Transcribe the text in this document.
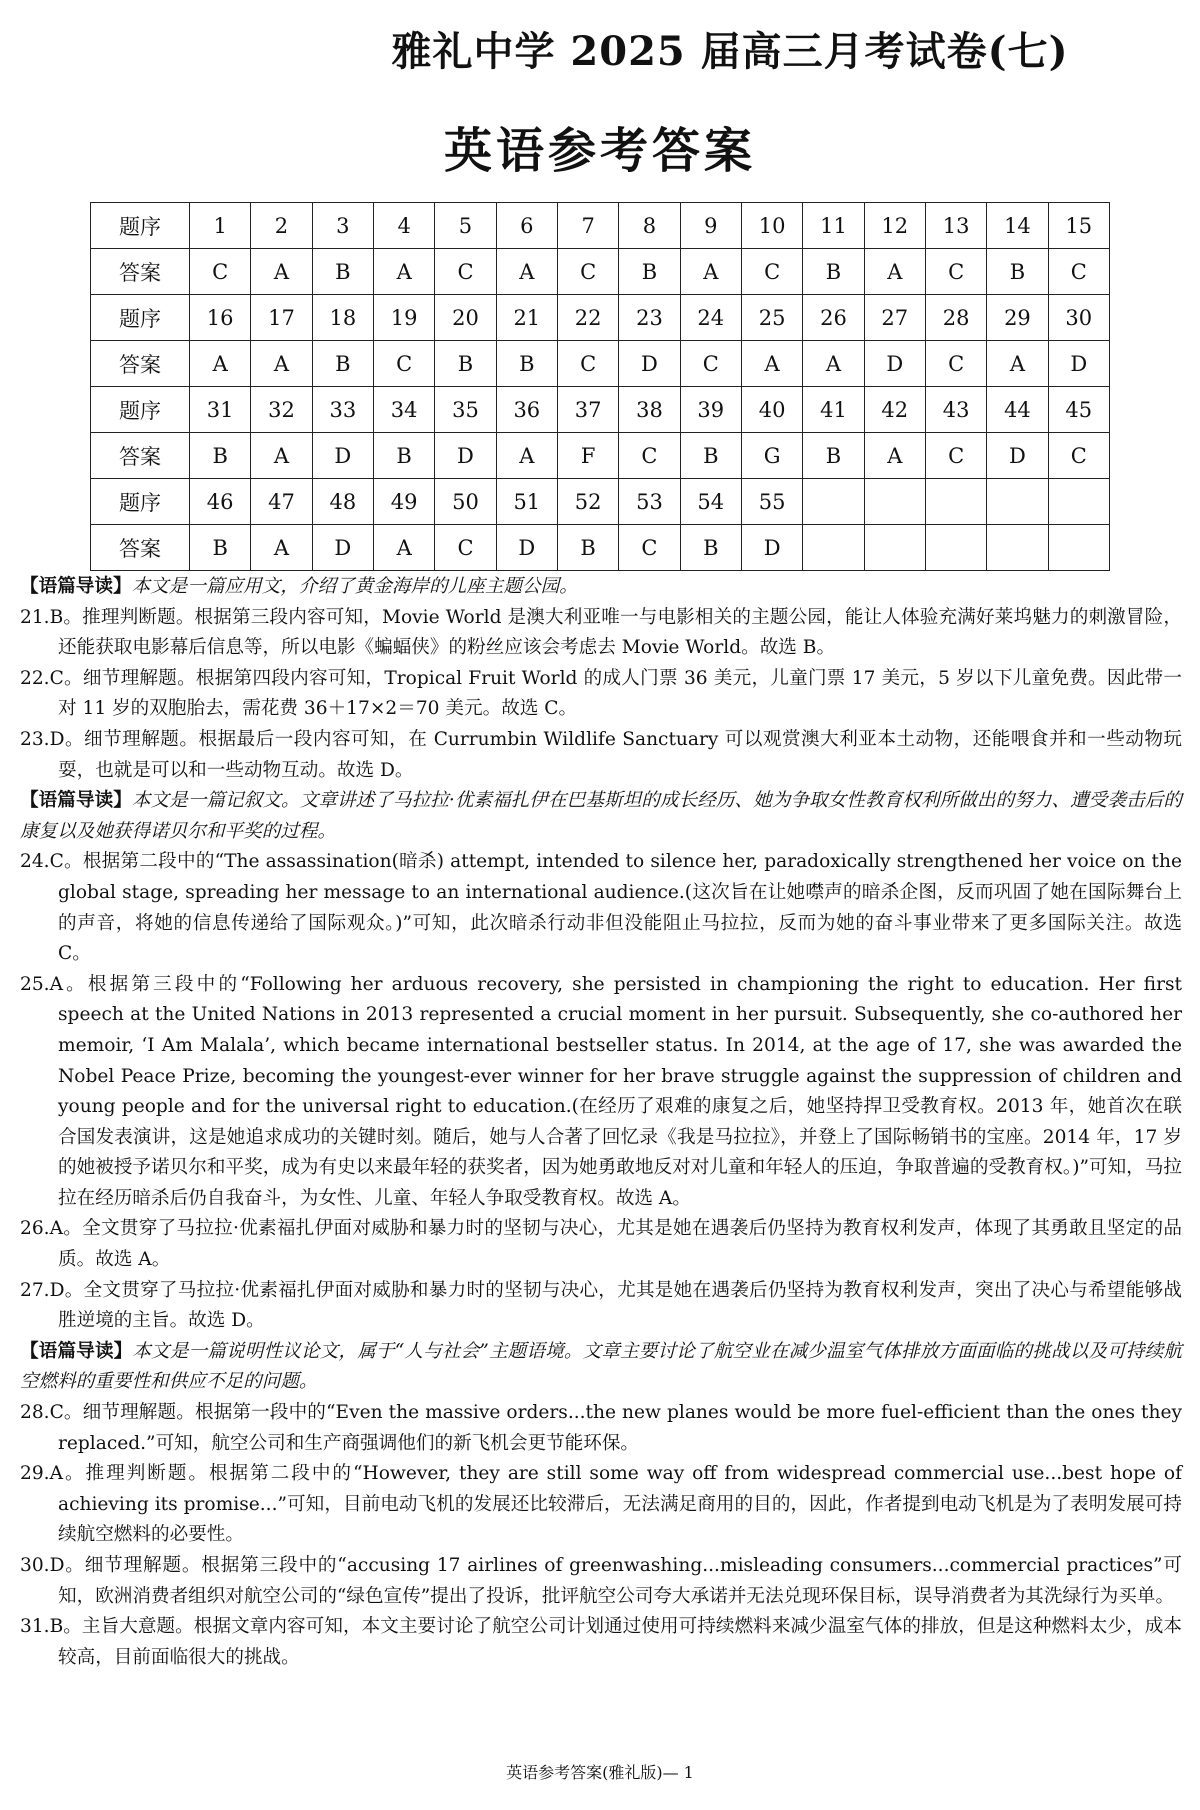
雅礼中学 2025 届高三月考试卷(七)
英语参考答案
题序	1	2	3	4	5	6	7	8	9	10	11	12	13	14	15
答案	C	A	B	A	C	A	C	B	A	C	B	A	C	B	C
题序	16	17	18	19	20	21	22	23	24	25	26	27	28	29	30
答案	A	A	B	C	B	B	C	D	C	A	A	D	C	A	D
题序	31	32	33	34	35	36	37	38	39	40	41	42	43	44	45
答案	B	A	D	B	D	A	F	C	B	G	B	A	C	D	C
题序	46	47	48	49	50	51	52	53	54	55					
答案	B	A	D	A	C	D	B	C	B	D					

【语篇导读】本文是一篇应用文，介绍了黄金海岸的儿座主题公园。

21.B。推理判断题。根据第三段内容可知，Movie World 是澳大利亚唯一与电影相关的主题公园，能让人体验充满好莱坞魅力的刺激冒险，还能获取电影幕后信息等，所以电影《蝙蝠侠》的粉丝应该会考虑去 Movie World。故选 B。

22.C。细节理解题。根据第四段内容可知，Tropical Fruit World 的成人门票 36 美元，儿童门票 17 美元，5 岁以下儿童免费。因此带一对 11 岁的双胞胎去，需花费 36＋17×2＝70 美元。故选 C。

23.D。细节理解题。根据最后一段内容可知，在 Currumbin Wildlife Sanctuary 可以观赏澳大利亚本土动物，还能喂食并和一些动物玩耍，也就是可以和一些动物互动。故选 D。

【语篇导读】本文是一篇记叙文。文章讲述了马拉拉·优素福扎伊在巴基斯坦的成长经历、她为争取女性教育权利所做出的努力、遭受袭击后的康复以及她获得诺贝尔和平奖的过程。

24.C。根据第二段中的“The assassination(暗杀) attempt, intended to silence her, paradoxically strengthened her voice on the global stage, spreading her message to an international audience.(这次旨在让她噤声的暗杀企图，反而巩固了她在国际舞台上的声音，将她的信息传递给了国际观众。)”可知，此次暗杀行动非但没能阻止马拉拉，反而为她的奋斗事业带来了更多国际关注。故选 C。

25.A。根据第三段中的“Following her arduous recovery, she persisted in championing the right to education. Her first speech at the United Nations in 2013 represented a crucial moment in her pursuit. Subsequently, she co-authored her memoir, ‘I Am Malala’, which became international bestseller status. In 2014, at the age of 17, she was awarded the Nobel Peace Prize, becoming the youngest-ever winner for her brave struggle against the suppression of children and young people and for the universal right to education.(在经历了艰难的康复之后，她坚持捍卫受教育权。2013 年，她首次在联合国发表演讲，这是她追求成功的关键时刻。随后，她与人合著了回忆录《我是马拉拉》，并登上了国际畅销书的宝座。2014 年，17 岁的她被授予诺贝尔和平奖，成为有史以来最年轻的获奖者，因为她勇敢地反对对儿童和年轻人的压迫，争取普遍的受教育权。)”可知，马拉拉在经历暗杀后仍自我奋斗，为女性、儿童、年轻人争取受教育权。故选 A。

26.A。全文贯穿了马拉拉·优素福扎伊面对威胁和暴力时的坚韧与决心，尤其是她在遇袭后仍坚持为教育权利发声，体现了其勇敢且坚定的品质。故选 A。

27.D。全文贯穿了马拉拉·优素福扎伊面对威胁和暴力时的坚韧与决心，尤其是她在遇袭后仍坚持为教育权利发声，突出了决心与希望能够战胜逆境的主旨。故选 D。

【语篇导读】本文是一篇说明性议论文，属于“人与社会”主题语境。文章主要讨论了航空业在减少温室气体排放方面面临的挑战以及可持续航空燃料的重要性和供应不足的问题。

28.C。细节理解题。根据第一段中的“Even the massive orders...the new planes would be more fuel-efficient than the ones they replaced.”可知，航空公司和生产商强调他们的新飞机会更节能环保。

29.A。推理判断题。根据第二段中的“However, they are still some way off from widespread commercial use...best hope of achieving its promise...”可知，目前电动飞机的发展还比较滞后，无法满足商用的目的，因此，作者提到电动飞机是为了表明发展可持续航空燃料的必要性。

30.D。细节理解题。根据第三段中的“accusing 17 airlines of greenwashing...misleading consumers...commercial practices”可知，欧洲消费者组织对航空公司的“绿色宣传”提出了投诉，批评航空公司夸大承诺并无法兑现环保目标，误导消费者为其洗绿行为买单。

31.B。主旨大意题。根据文章内容可知，本文主要讨论了航空公司计划通过使用可持续燃料来减少温室气体的排放，但是这种燃料太少，成本较高，目前面临很大的挑战。

英语参考答案(雅礼版)— 1
